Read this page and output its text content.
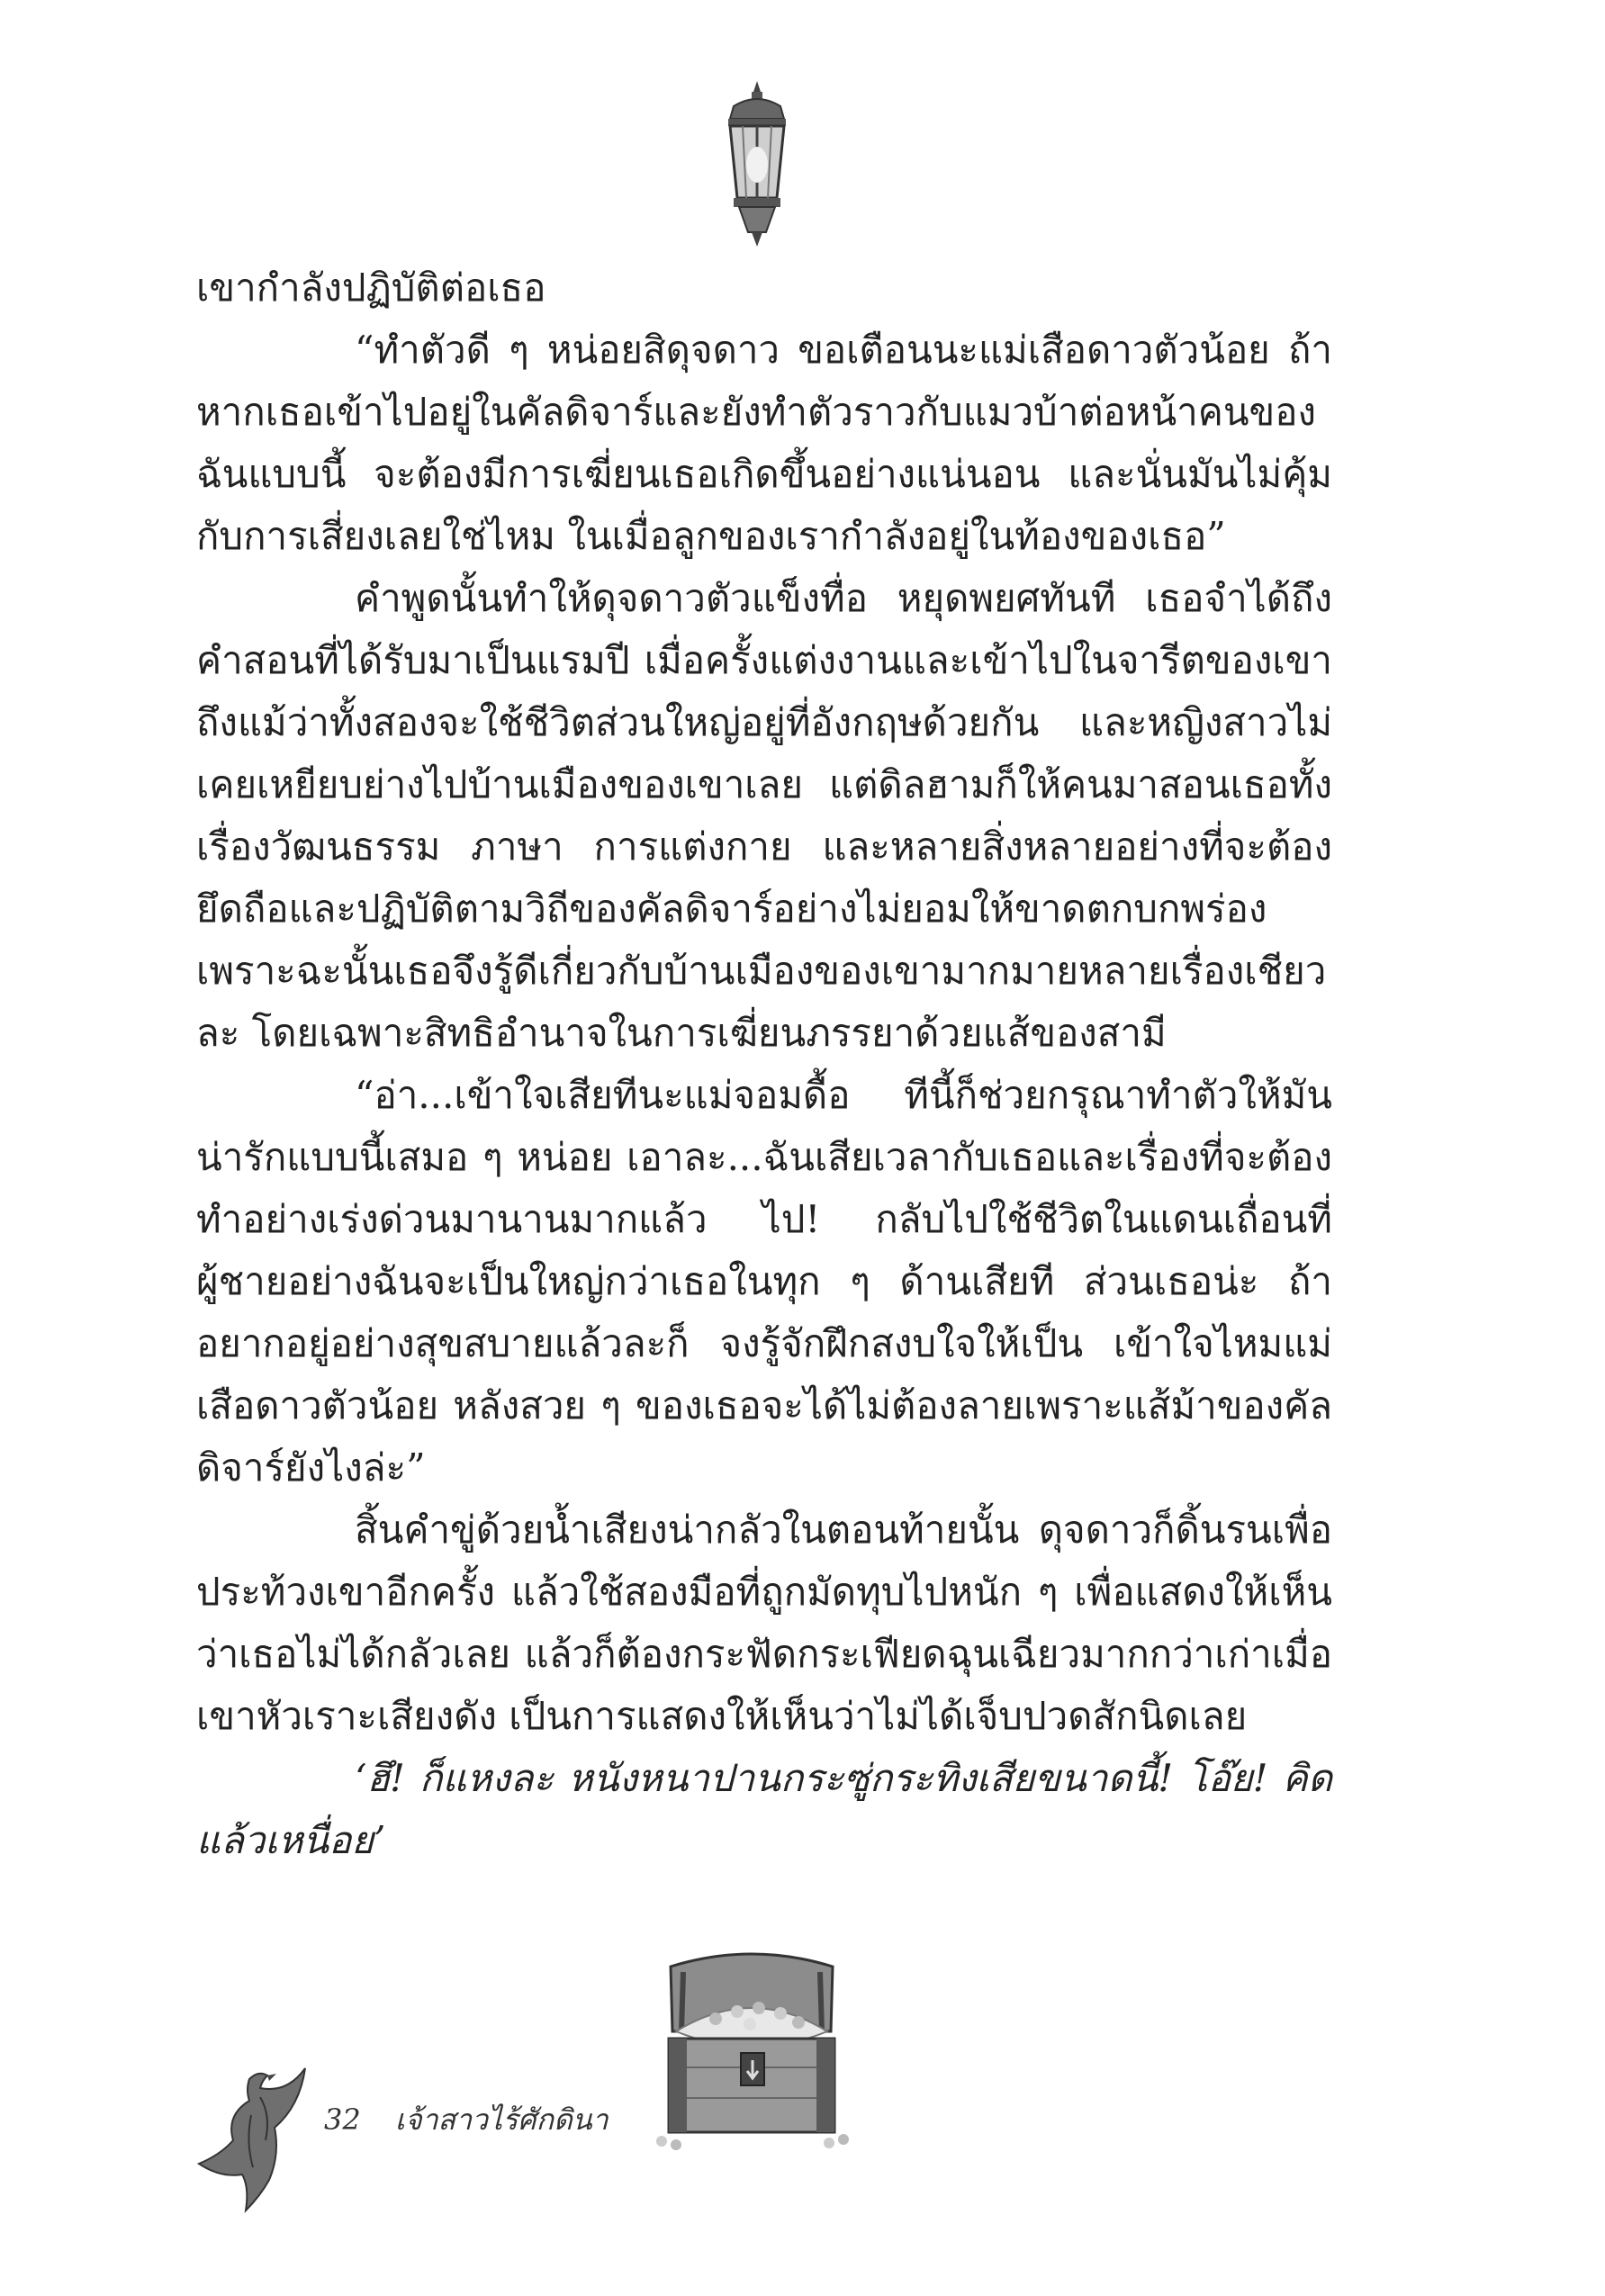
เขากำลังปฏิบัติต่อเธอ

“ทำตัวดี ๆ หน่อยสิดุจดาว ขอเตือนนะแม่เสือดาวตัวน้อย ถ้าหากเธอเข้าไปอยู่ในคัลดิจาร์และยังทำตัวราวกับแมวบ้าต่อหน้าคนของฉันแบบนี้ จะต้องมีการเฆี่ยนเธอเกิดขึ้นอย่างแน่นอน และนั่นมันไม่คุ้มกับการเสี่ยงเลยใช่ไหม ในเมื่อลูกของเรากำลังอยู่ในท้องของเธอ”

คำพูดนั้นทำให้ดุจดาวตัวแข็งทื่อ หยุดพยศทันที เธอจำได้ถึงคำสอนที่ได้รับมาเป็นแรมปี เมื่อครั้งแต่งงานและเข้าไปในจารีตของเขา ถึงแม้ว่าทั้งสองจะใช้ชีวิตส่วนใหญ่อยู่ที่อังกฤษด้วยกัน และหญิงสาวไม่เคยเหยียบย่างไปบ้านเมืองของเขาเลย แต่ดิลฮามก็ให้คนมาสอนเธอทั้งเรื่องวัฒนธรรม ภาษา การแต่งกาย และหลายสิ่งหลายอย่างที่จะต้องยึดถือและปฏิบัติตามวิถีของคัลดิจาร์อย่างไม่ยอมให้ขาดตกบกพร่อง เพราะฉะนั้นเธอจึงรู้ดีเกี่ยวกับบ้านเมืองของเขามากมายหลายเรื่องเชียวละ โดยเฉพาะสิทธิอำนาจในการเฆี่ยนภรรยาด้วยแส้ของสามี

“อ่า...เข้าใจเสียทีนะแม่จอมดื้อ ทีนี้ก็ช่วยกรุณาทำตัวให้มันน่ารักแบบนี้เสมอ ๆ หน่อย เอาละ...ฉันเสียเวลากับเธอและเรื่องที่จะต้องทำอย่างเร่งด่วนมานานมากแล้ว ไป! กลับไปใช้ชีวิตในแดนเถื่อนที่ผู้ชายอย่างฉันจะเป็นใหญ่กว่าเธอในทุก ๆ ด้านเสียที ส่วนเธอน่ะ ถ้าอยากอยู่อย่างสุขสบายแล้วละก็ จงรู้จักฝึกสงบใจให้เป็น เข้าใจไหมแม่เสือดาวตัวน้อย หลังสวย ๆ ของเธอจะได้ไม่ต้องลายเพราะแส้ม้าของคัลดิจาร์ยังไงล่ะ”

สิ้นคำขู่ด้วยน้ำเสียงน่ากลัวในตอนท้ายนั้น ดุจดาวก็ดิ้นรนเพื่อประท้วงเขาอีกครั้ง แล้วใช้สองมือที่ถูกมัดทุบไปหนัก ๆ เพื่อแสดงให้เห็นว่าเธอไม่ได้กลัวเลย แล้วก็ต้องกระฟัดกระเฟียดฉุนเฉียวมากกว่าเก่าเมื่อเขาหัวเราะเสียงดัง เป็นการแสดงให้เห็นว่าไม่ได้เจ็บปวดสักนิดเลย

‘ฮึ! ก็แหงละ หนังหนาปานกระซู่กระทิงเสียขนาดนี้! โอ๊ย! คิดแล้วเหนื่อย’

32 เจ้าสาวไร้ศักดินา
